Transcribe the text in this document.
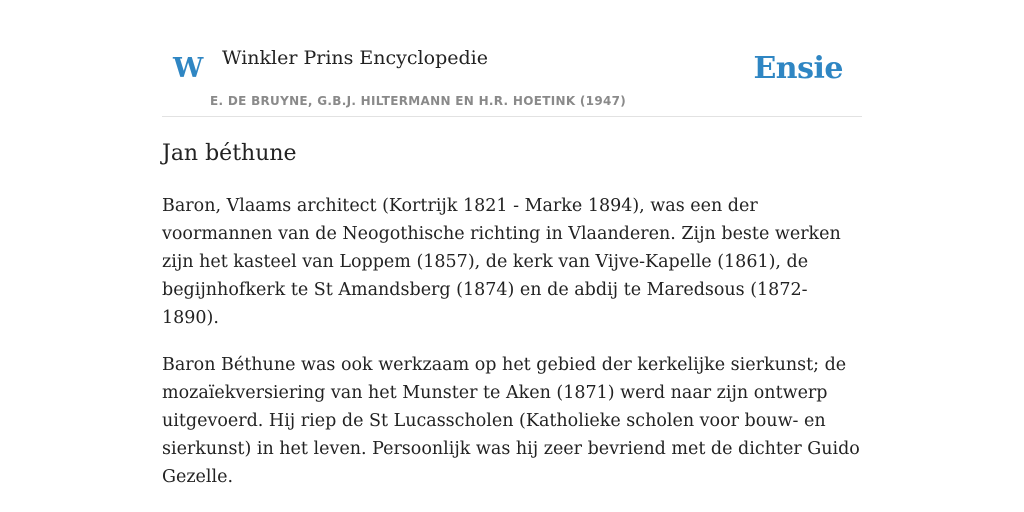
W Winkler Prins Encyclopedie
E. DE BRUYNE, G.B.J. HILTERMANN EN H.R. HOETINK (1947)
Ensie
Jan béthune

Baron, Vlaams architect (Kortrijk 1821 - Marke 1894), was een der voormannen van de Neogothische richting in Vlaanderen. Zijn beste werken zijn het kasteel van Loppem (1857), de kerk van Vijve-Kapelle (1861), de begijnhofkerk te St Amandsberg (1874) en de abdij te Maredsous (1872-1890).

Baron Béthune was ook werkzaam op het gebied der kerkelijke sierkunst; de mozaïekversiering van het Munster te Aken (1871) werd naar zijn ontwerp uitgevoerd. Hij riep de St Lucasscholen (Katholieke scholen voor bouw- en sierkunst) in het leven. Persoonlijk was hij zeer bevriend met de dichter Guido Gezelle.
